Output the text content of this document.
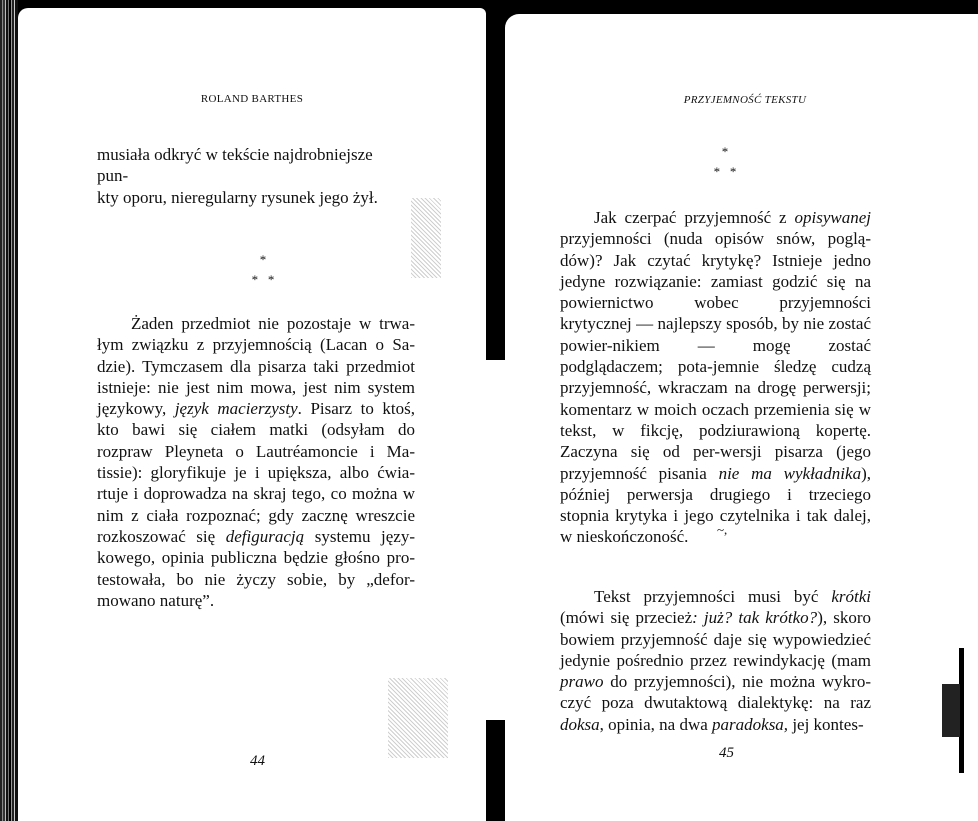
ROLAND BARTHES

musiała odkryć w tekście najdrobniejsze pun-

kty oporu, nieregularny rysunek jego żył.

*
*   *

Żaden przedmiot nie pozostaje w trwa-łym związku z przyjemnością (Lacan o Sa-dzie). Tymczasem dla pisarza taki przedmiot istnieje: nie jest nim mowa, jest nim system językowy, język macierzysty. Pisarz to ktoś, kto bawi się ciałem matki (odsyłam do rozpraw Pleyneta o Lautréamoncie i Ma-tissie): gloryfikuje je i upiększa, albo ćwia-rtuje i doprowadza na skraj tego, co można w nim z ciała rozpoznać; gdy zacznę wreszcie rozkoszować się defiguracją systemu języ-kowego, opinia publiczna będzie głośno pro-testowała, bo nie życzy sobie, by „defor-mowano naturę”.

44
PRZYJEMNOŚĆ TEKSTU
*
*   *

Jak czerpać przyjemność z opisywanej przyjemności (nuda opisów snów, poglą-dów)? Jak czytać krytykę? Istnieje jedno jedyne rozwiązanie: zamiast godzić się na powiernictwo wobec przyjemności krytycznej — najlepszy sposób, by nie zostać powier-nikiem — mogę zostać podglądaczem; pota-jemnie śledzę cudzą przyjemność, wkraczam na drogę perwersji; komentarz w moich oczach przemienia się w tekst, w fikcję, podziurawioną kopertę. Zaczyna się od per-wersji pisarza (jego przyjemność pisania nie ma wykładnika), później perwersja drugiego i trzeciego stopnia krytyka i jego czytelnika i tak dalej, w nieskończoność.	~,

Tekst przyjemności musi być krótki (mówi się przecież: już? tak krótko?), skoro bowiem przyjemność daje się wypowiedzieć jedynie pośrednio przez rewindykację (mam prawo do przyjemności), nie można wykro-czyć poza dwutaktową dialektykę: na raz doksa, opinia, na dwa paradoksa, jej kontes-

45
